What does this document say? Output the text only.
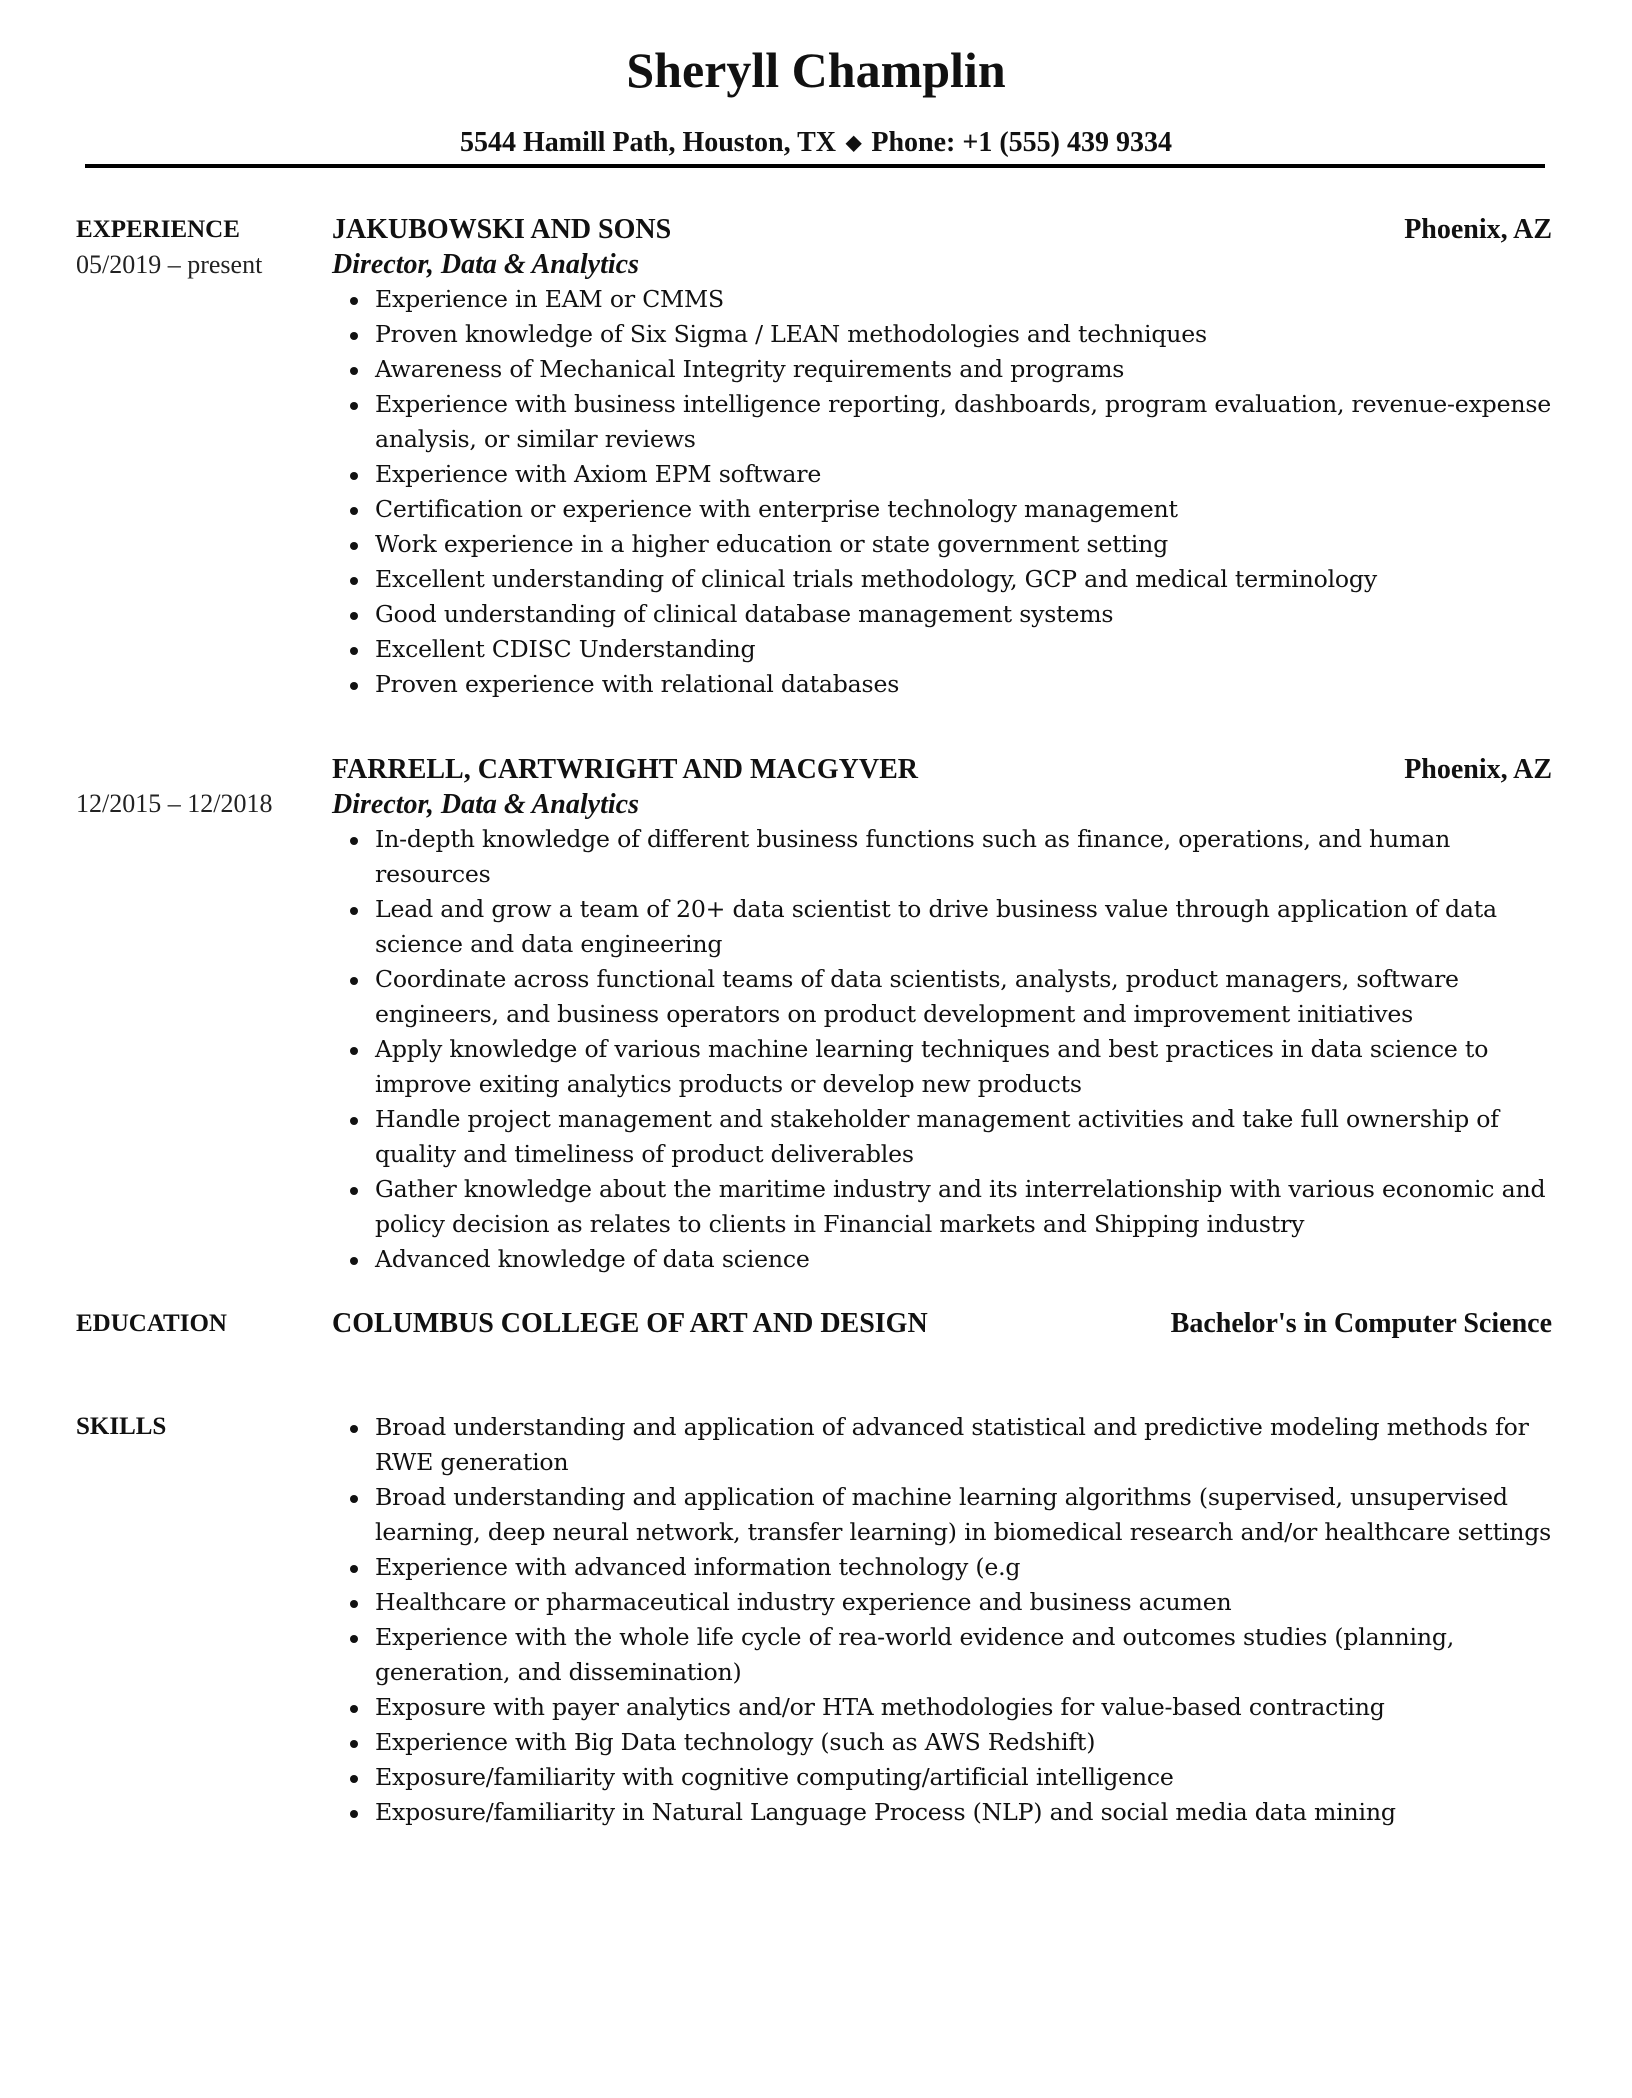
Sheryll Champlin
5544 Hamill Path, Houston, TX ◆ Phone: +1 (555) 439 9334
EXPERIENCE
05/2019 – present
JAKUBOWSKI AND SONS	Phoenix, AZ
Director, Data & Analytics
Experience in EAM or CMMS
Proven knowledge of Six Sigma / LEAN methodologies and techniques
Awareness of Mechanical Integrity requirements and programs
Experience with business intelligence reporting, dashboards, program evaluation, revenue-expense analysis, or similar reviews
Experience with Axiom EPM software
Certification or experience with enterprise technology management
Work experience in a higher education or state government setting
Excellent understanding of clinical trials methodology, GCP and medical terminology
Good understanding of clinical database management systems
Excellent CDISC Understanding
Proven experience with relational databases
12/2015 – 12/2018
FARRELL, CARTWRIGHT AND MACGYVER	Phoenix, AZ
Director, Data & Analytics
In-depth knowledge of different business functions such as finance, operations, and human resources
Lead and grow a team of 20+ data scientist to drive business value through application of data science and data engineering
Coordinate across functional teams of data scientists, analysts, product managers, software engineers, and business operators on product development and improvement initiatives
Apply knowledge of various machine learning techniques and best practices in data science to improve exiting analytics products or develop new products
Handle project management and stakeholder management activities and take full ownership of quality and timeliness of product deliverables
Gather knowledge about the maritime industry and its interrelationship with various economic and policy decision as relates to clients in Financial markets and Shipping industry
Advanced knowledge of data science
EDUCATION	COLUMBUS COLLEGE OF ART AND DESIGN	Bachelor's in Computer Science
SKILLS	Broad understanding and application of advanced statistical and predictive modeling methods for RWE generation
Broad understanding and application of machine learning algorithms (supervised, unsupervised learning, deep neural network, transfer learning) in biomedical research and/or healthcare settings
Experience with advanced information technology (e.g
Healthcare or pharmaceutical industry experience and business acumen
Experience with the whole life cycle of rea-world evidence and outcomes studies (planning, generation, and dissemination)
Exposure with payer analytics and/or HTA methodologies for value-based contracting
Experience with Big Data technology (such as AWS Redshift)
Exposure/familiarity with cognitive computing/artificial intelligence
Exposure/familiarity in Natural Language Process (NLP) and social media data mining
